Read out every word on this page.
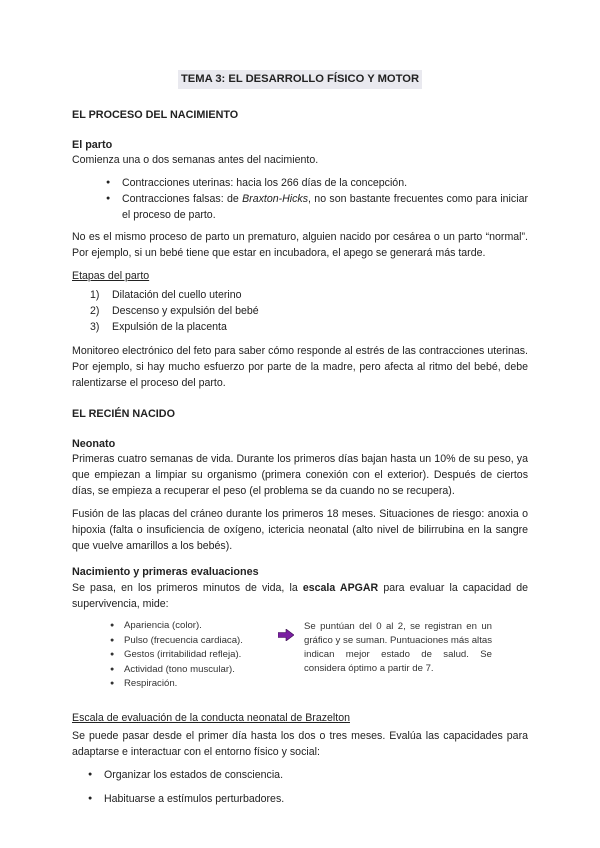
TEMA 3: EL DESARROLLO FÍSICO Y MOTOR
EL PROCESO DEL NACIMIENTO
El parto

Comienza una o dos semanas antes del nacimiento.

● Contracciones uterinas: hacia los 266 días de la concepción.
● Contracciones falsas: de Braxton-Hicks, no son bastante frecuentes como para iniciar el proceso de parto.

No es el mismo proceso de parto un prematuro, alguien nacido por cesárea o un parto “normal”. Por ejemplo, si un bebé tiene que estar en incubadora, el apego se generará más tarde.

Etapas del parto
1) Dilatación del cuello uterino
2) Descenso y expulsión del bebé
3) Expulsión de la placenta

Monitoreo electrónico del feto para saber cómo responde al estrés de las contracciones uterinas. Por ejemplo, si hay mucho esfuerzo por parte de la madre, pero afecta al ritmo del bebé, debe ralentizarse el proceso del parto.

EL RECIÉN NACIDO
Neonato

Primeras cuatro semanas de vida. Durante los primeros días bajan hasta un 10% de su peso, ya que empiezan a limpiar su organismo (primera conexión con el exterior). Después de ciertos días, se empieza a recuperar el peso (el problema se da cuando no se recupera).

Fusión de las placas del cráneo durante los primeros 18 meses. Situaciones de riesgo: anoxia o hipoxia (falta o insuficiencia de oxígeno, ictericia neonatal (alto nivel de bilirrubina en la sangre que vuelve amarillos a los bebés).

Nacimiento y primeras evaluaciones

Se pasa, en los primeros minutos de vida, la escala APGAR para evaluar la capacidad de supervivencia, mide:

● Apariencia (color).
● Pulso (frecuencia cardiaca).
● Gestos (irritabilidad refleja).
● Actividad (tono muscular).
● Respiración.
Se puntúan del 0 al 2, se registran en un gráfico y se suman. Puntuaciones más altas indican mejor estado de salud. Se considera óptimo a partir de 7.
Escala de evaluación de la conducta neonatal de Brazelton

Se puede pasar desde el primer día hasta los dos o tres meses. Evalúa las capacidades para adaptarse e interactuar con el entorno físico y social:

● Organizar los estados de consciencia.
● Habituarse a estímulos perturbadores.
